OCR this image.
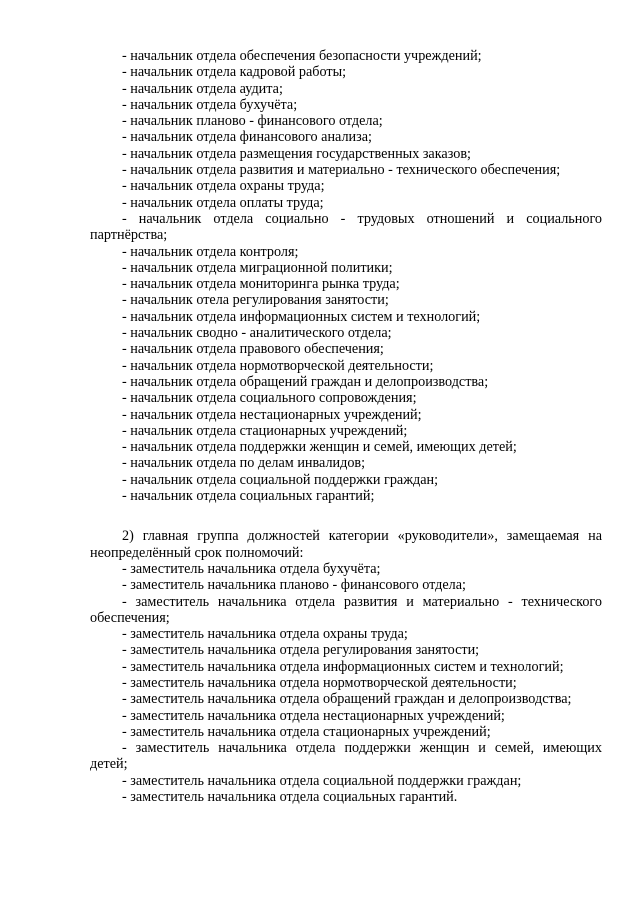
- начальник отдела обеспечения безопасности учреждений;
- начальник отдела кадровой работы;
- начальник отдела аудита;
- начальник отдела бухучёта;
- начальник планово - финансового отдела;
- начальник отдела финансового анализа;
- начальник отдела размещения государственных заказов;
- начальник отдела развития и материально - технического обеспечения;
- начальник отдела охраны труда;
- начальник отдела оплаты труда;
- начальник отдела социально - трудовых отношений и социального
партнёрства;
- начальник отдела контроля;
- начальник отдела миграционной политики;
- начальник отдела мониторинга рынка труда;
- начальник отела регулирования занятости;
- начальник отдела информационных систем и технологий;
- начальник сводно - аналитического отдела;
- начальник отдела правового обеспечения;
- начальник отдела нормотворческой деятельности;
- начальник отдела обращений граждан и делопроизводства;
- начальник отдела социального сопровождения;
- начальник отдела нестационарных учреждений;
- начальник отдела стационарных учреждений;
- начальник отдела поддержки женщин и семей, имеющих детей;
- начальник отдела по делам инвалидов;
- начальник отдела социальной поддержки граждан;
- начальник отдела социальных гарантий;
2) главная группа должностей категории «руководители», замещаемая на
неопределённый срок полномочий:
- заместитель начальника отдела бухучёта;
- заместитель начальника планово - финансового отдела;
- заместитель начальника отдела развития и материально - технического
обеспечения;
- заместитель начальника отдела охраны труда;
- заместитель начальника отдела регулирования занятости;
- заместитель начальника отдела информационных систем и технологий;
- заместитель начальника отдела нормотворческой деятельности;
- заместитель начальника отдела обращений граждан и делопроизводства;
- заместитель начальника отдела нестационарных учреждений;
- заместитель начальника отдела стационарных учреждений;
- заместитель начальника отдела поддержки женщин и семей, имеющих
детей;
- заместитель начальника отдела социальной поддержки граждан;
- заместитель начальника отдела социальных гарантий.
